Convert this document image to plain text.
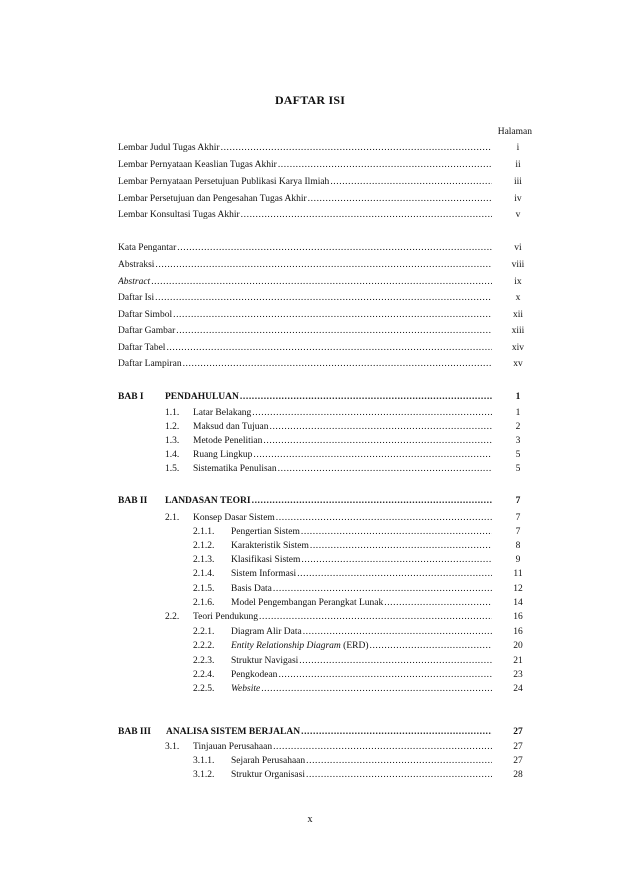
DAFTAR ISI
Halaman
Lembar Judul Tugas Akhir .....	i
Lembar Pernyataan Keaslian Tugas Akhir .....	ii
Lembar Pernyataan Persetujuan Publikasi Karya Ilmiah .....	iii
Lembar Persetujuan dan Pengesahan Tugas Akhir .....	iv
Lembar Konsultasi Tugas Akhir .....	v
Kata Pengantar .....	vi
Abstraksi .....	viii
Abstract .....	ix
Daftar Isi .....	x
Daftar Simbol .....	xii
Daftar Gambar .....	xiii
Daftar Tabel .....	xiv
Daftar Lampiran .....	xv
BAB I PENDAHULUAN .....	1
1.1. Latar Belakang .....	1
1.2. Maksud dan Tujuan .....	2
1.3. Metode Penelitian .....	3
1.4. Ruang Lingkup .....	5
1.5. Sistematika Penulisan .....	5
BAB II LANDASAN TEORI .....	7
2.1. Konsep Dasar Sistem .....	7
2.1.1. Pengertian Sistem .....	7
2.1.2. Karakteristik Sistem .....	8
2.1.3. Klasifikasi Sistem .....	9
2.1.4. Sistem Informasi .....	11
2.1.5. Basis Data .....	12
2.1.6. Model Pengembangan Perangkat Lunak .....	14
2.2. Teori Pendukung .....	16
2.2.1. Diagram Alir Data .....	16
2.2.2. Entity Relationship Diagram (ERD) .....	20
2.2.3. Struktur Navigasi .....	21
2.2.4. Pengkodean .....	23
2.2.5. Website .....	24
BAB III ANALISA SISTEM BERJALAN .....	27
3.1. Tinjauan Perusahaan .....	27
3.1.1. Sejarah Perusahaan .....	27
3.1.2. Struktur Organisasi .....	28
x
